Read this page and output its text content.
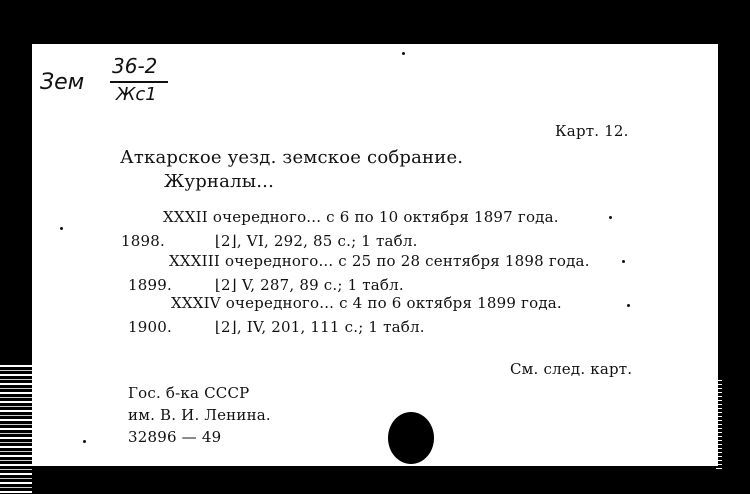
Зем
36-2
Жс1
Карт. 12.
Аткарское уезд. земское собрание.
Журналы...
XXXII очередного... с 6 по 10 октября 1897 года.
1898.	⌊2⌋, VI, 292, 85 с.; 1 табл.
XXXIII очередного... с 25 по 28 сентября 1898 года.
1899.	⌊2⌋ V, 287, 89 с.; 1 табл.
XXXIV очередного... с 4 по 6 октября 1899 года.
1900.	⌊2⌋, IV, 201, 111 с.; 1 табл.
См. след. карт.
Гос. б-ка СССР
им. В. И. Ленина.
32896 — 49
